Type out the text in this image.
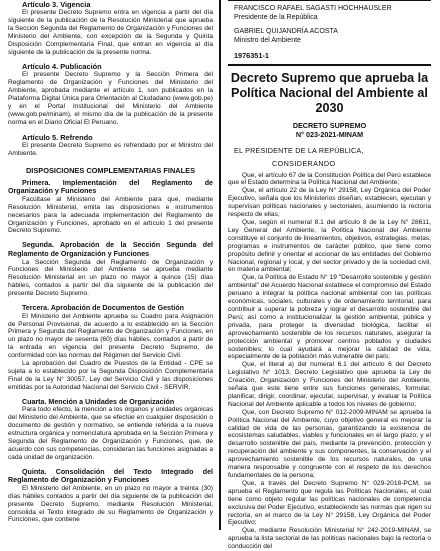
Artículo 3. Vigencia

El presente Decreto Supremo entra en vigencia a partir del día siguiente de la publicación de la Resolución Ministerial que aprueba la Sección Segunda del Reglamento de Organización y Funciones del Ministerio del Ambiente, con excepción de la Segunda y Quinta Disposición Complementaria Final, que entran en vigencia al día siguiente de la publicación de la presente norma.

Artículo 4. Publicación

El presente Decreto Supremo y la Sección Primera del Reglamento de Organización y Funciones del Ministerio del Ambiente, aprobada mediante el artículo 1, son publicados en la Plataforma Digital Única para Orientación al Ciudadano (www.gob.pe) y en el Portal Institucional del Ministerio del Ambiente (www.gob.pe/minam), el mismo día de la publicación de la presente norma en el Diario Oficial El Peruano.

Artículo 5. Refrendo

El presente Decreto Supremo es refrendado por el Ministro del Ambiente.

DISPOSICIONES COMPLEMENTARIAS FINALES
Primera. Implementación del Reglamento de Organización y Funciones

Facúltase al Ministerio del Ambiente para que, mediante Resolución Ministerial, emita las disposiciones e instrumentos necesarios para la adecuada implementación del Reglamento de Organización y Funciones, aprobado en el artículo 1 del presente Decreto Supremo.

Segunda. Aprobación de la Sección Segunda del Reglamento de Organización y Funciones

La Sección Segunda del Reglamento de Organización y Funciones del Ministerio del Ambiente se aprueba mediante Resolución Ministerial en un plazo no mayor a quince (15) días hábiles, contados a partir del día siguiente de la publicación del presente Decreto Supremo.

Tercera. Aprobación de Documentos de Gestión

El Ministerio del Ambiente aprueba su Cuadro para Asignación de Personal Provisional, de acuerdo a lo establecido en la Sección Primera y Segunda del Reglamento de Organización y Funciones, en un plazo no mayor de sesenta (60) días hábiles, contados a partir de la entrada en vigencia del presente Decreto Supremo, de conformidad con las normas del Régimen del Servicio Civil.

La aprobación del Cuadro de Puestos de la Entidad - CPE se sujeta a lo establecido por la Segunda Disposición Complementaria Final de la Ley N° 30057, Ley del Servicio Civil y las disposiciones emitidas por la Autoridad Nacional del Servicio Civil - SERVIR.

Cuarta. Mención a Unidades de Organización

Para todo efecto, la mención a los órganos y unidades orgánicas del Ministerio del Ambiente, que se efectúe en cualquier disposición o documento de gestión y normativo, se entiende referida a la nueva estructura orgánica y nomenclatura aprobada en la Sección Primera y Segunda del Reglamento de Organización y Funciones, que, de acuerdo con sus competencias, consideran las funciones asignadas a cada unidad de organización.

Quinta. Consolidación del Texto Integrado del Reglamento de Organización y Funciones

El Ministerio del Ambiente, en un plazo no mayor a treinta (30) días hábiles contados a partir del día siguiente de la publicación del presente Decreto Supremo, mediante Resolución Ministerial, consolida el Texto Integrado de su Reglamento de Organización y Funciones, que contiene

FRANCISCO RAFAEL SAGASTI HOCHHAUSLER
Presidente de la República
GABRIEL QUIJANDRÍA ACOSTA
Ministro del Ambiente
1976351-1
Decreto Supremo que aprueba la Política Nacional del Ambiente al 2030
DECRETO SUPREMO
N° 023-2021-MINAM
EL PRESIDENTE DE LA REPÚBLICA,
CONSIDERANDO

Que, el artículo 67 de la Constitución Política del Perú establece que el Estado determina la Política Nacional del Ambiente;

Que, el artículo 22 de la Ley N° 29158, Ley Orgánica del Poder Ejecutivo, señala que los Ministerios diseñan, establecen, ejecutan y supervisan políticas nacionales y sectoriales, asumiendo la rectoría respecto de ellas;

Que, según el numeral 8.1 del artículo 8 de la Ley N° 28611, Ley General del Ambiente, la Política Nacional del Ambiente constituye el conjunto de lineamientos, objetivos, estrategias, metas, programas e instrumentos de carácter público, que tiene como propósito definir y orientar el accionar de las entidades del Gobierno Nacional, regional y local, y del sector privado y de la sociedad civil, en materia ambiental;

Que, la Política de Estado N° 19 "Desarrollo sostenible y gestión ambiental" del Acuerdo Nacional establece el compromiso del Estado peruano a integrar la política nacional ambiental con las políticas económicas, sociales, culturales y de ordenamiento territorial, para contribuir a superar la pobreza y lograr el desarrollo sostenible del Perú; así como a institucionalizar la gestión ambiental, pública y privada, para proteger la diversidad biológica, facilitar el aprovechamiento sostenible de los recursos naturales, asegurar la protección ambiental y promover centros poblados y ciudades sostenibles; lo cual ayudará a mejorar la calidad de vida, especialmente de la población más vulnerable del país;

Que, el literal a) del numeral 6.1 del artículo 6 del Decreto Legislativo N° 1013, Decreto Legislativo que aprueba la Ley de Creación, Organización y Funciones del Ministerio del Ambiente, señala que este tiene entre sus funciones generales, formular, planificar, dirigir, coordinar, ejecutar, supervisar, y evaluar la Política Nacional del Ambiente aplicable a todos los niveles de gobierno;

Que, con Decreto Supremo N° 012-2009-MINAM se aprueba la Política Nacional del Ambiente, cuyo objetivo general es mejorar la calidad de vida de las personas, garantizando la existencia de ecosistemas saludables, viables y funcionales en el largo plazo; y el desarrollo sostenible del país, mediante la prevención, protección y recuperación del ambiente y sus componentes, la conservación y el aprovechamiento sostenible de los recursos naturales, de una manera responsable y congruente con el respeto de los derechos fundamentales de la persona;

Que, a través del Decreto Supremo N° 029-2018-PCM, se aprueba el Reglamento que regula las Políticas Nacionales, el cual tiene como objeto regular las políticas nacionales de competencia exclusiva del Poder Ejecutivo, estableciendo las normas que rigen su rectoría, en el marco de la Ley N° 29158, Ley Orgánica del Poder Ejecutivo;

Que, mediante Resolución Ministerial N° 242-2019-MINAM, se aprueba la lista sectorial de las políticas nacionales bajo la rectoría o conducción del
